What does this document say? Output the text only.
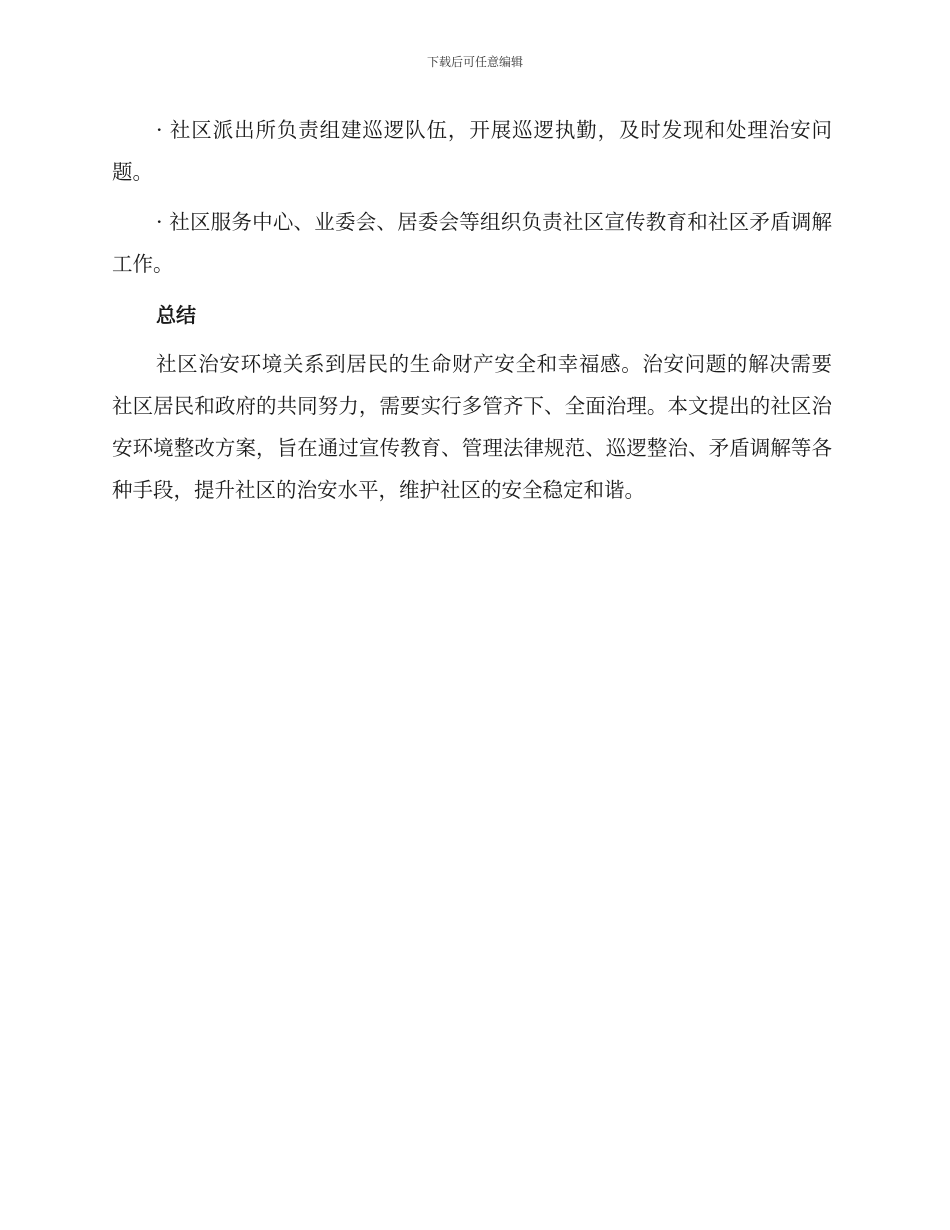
下载后可任意编辑

· 社区派出所负责组建巡逻队伍，开展巡逻执勤，及时发现和处理治安问题。

· 社区服务中心、业委会、居委会等组织负责社区宣传教育和社区矛盾调解工作。

总结

社区治安环境关系到居民的生命财产安全和幸福感。治安问题的解决需要社区居民和政府的共同努力，需要实行多管齐下、全面治理。本文提出的社区治安环境整改方案，旨在通过宣传教育、管理法律规范、巡逻整治、矛盾调解等各种手段，提升社区的治安水平，维护社区的安全稳定和谐。
